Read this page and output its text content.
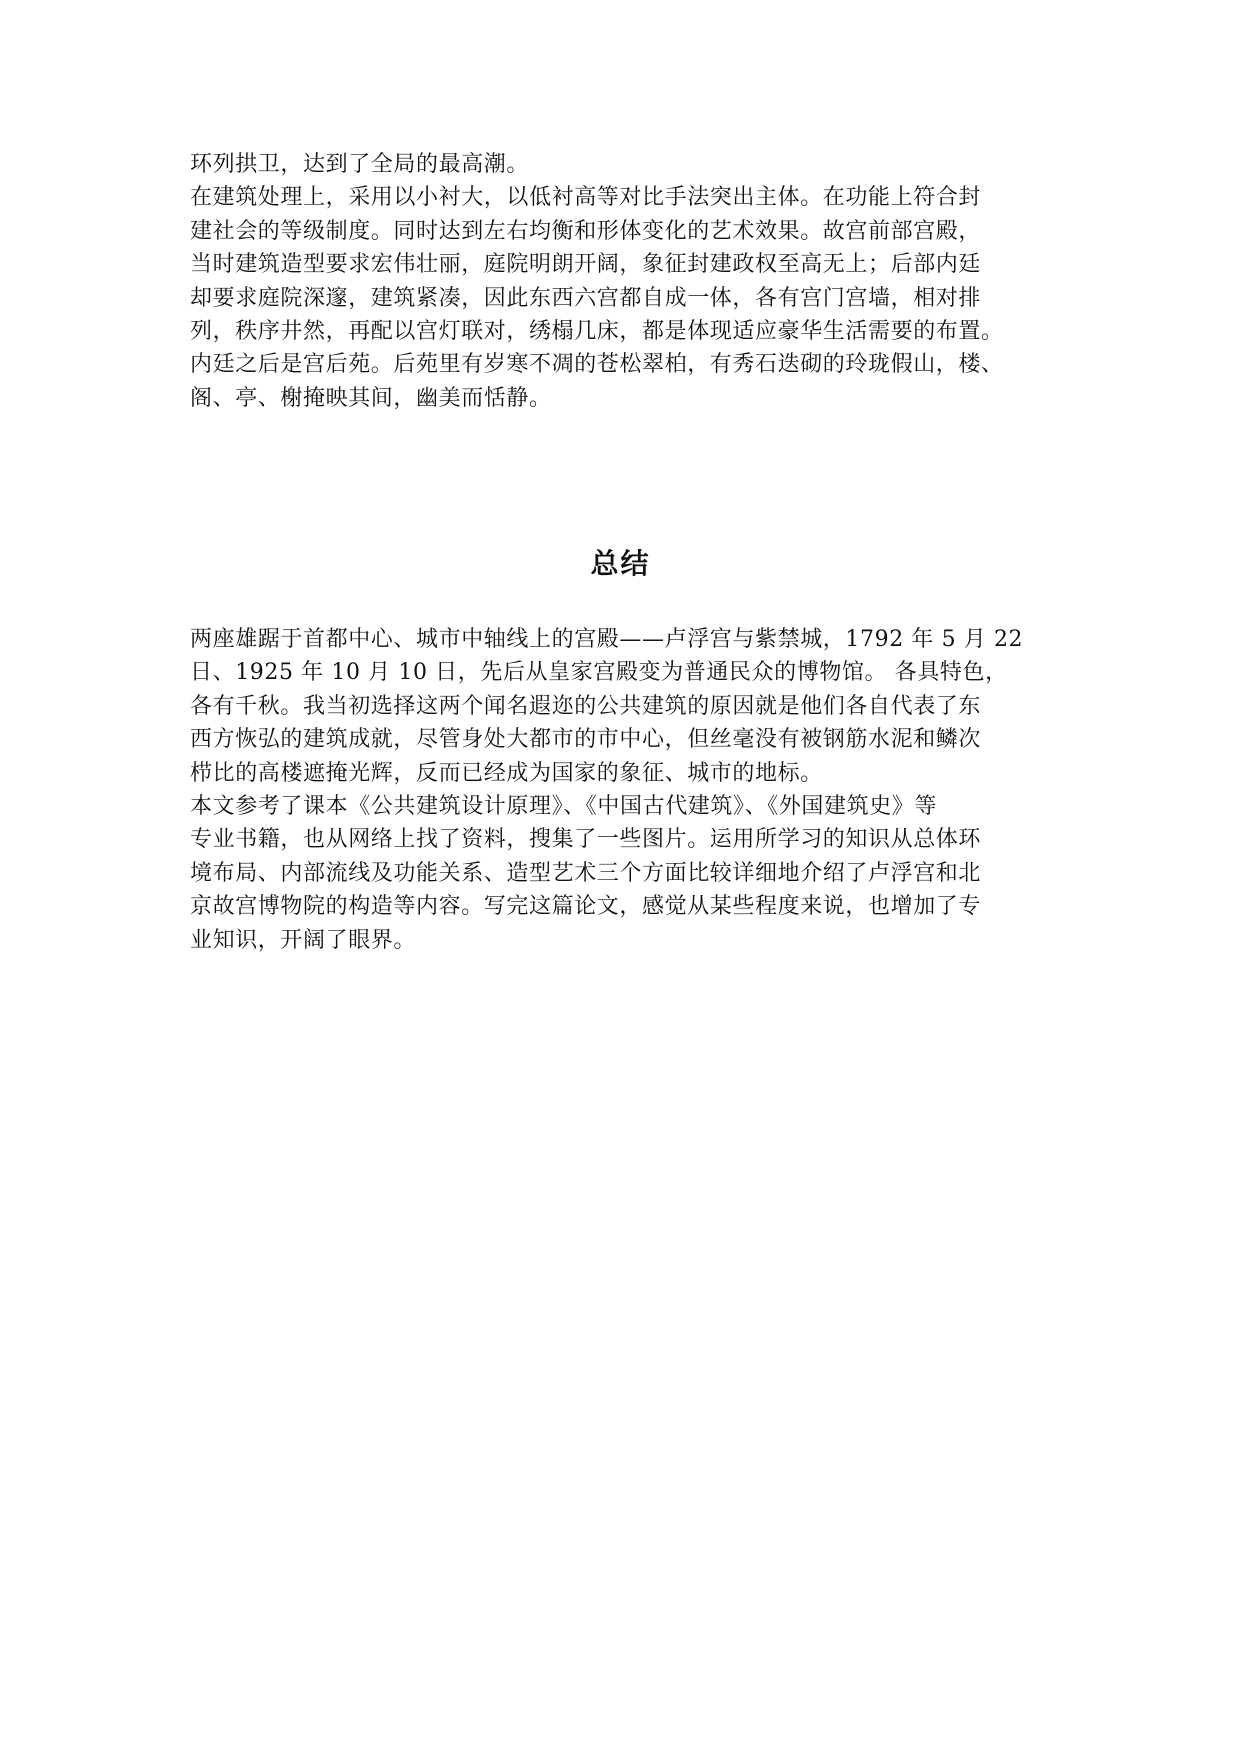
环列拱卫，达到了全局的最高潮。

在建筑处理上，采用以小衬大，以低衬高等对比手法突出主体。在功能上符合封

建社会的等级制度。同时达到左右均衡和形体变化的艺术效果。故宫前部宫殿，

当时建筑造型要求宏伟壮丽，庭院明朗开阔，象征封建政权至高无上；后部内廷

却要求庭院深邃，建筑紧凑，因此东西六宫都自成一体，各有宫门宫墙，相对排

列，秩序井然，再配以宫灯联对，绣榻几床，都是体现适应豪华生活需要的布置。

内廷之后是宫后苑。后苑里有岁寒不凋的苍松翠柏，有秀石迭砌的玲珑假山，楼、

阁、亭、榭掩映其间，幽美而恬静。

总结

两座雄踞于首都中心、城市中轴线上的宫殿——卢浮宫与紫禁城，1792 年 5 月 22

日、1925 年 10 月 10 日，先后从皇家宫殿变为普通民众的博物馆。 各具特色，

各有千秋。我当初选择这两个闻名遐迩的公共建筑的原因就是他们各自代表了东

西方恢弘的建筑成就，尽管身处大都市的市中心，但丝毫没有被钢筋水泥和鳞次

栉比的高楼遮掩光辉，反而已经成为国家的象征、城市的地标。

本文参考了课本《公共建筑设计原理》、《中国古代建筑》、《外国建筑史》等

专业书籍，也从网络上找了资料，搜集了一些图片。运用所学习的知识从总体环

境布局、内部流线及功能关系、造型艺术三个方面比较详细地介绍了卢浮宫和北

京故宫博物院的构造等内容。写完这篇论文，感觉从某些程度来说，也增加了专

业知识，开阔了眼界。
